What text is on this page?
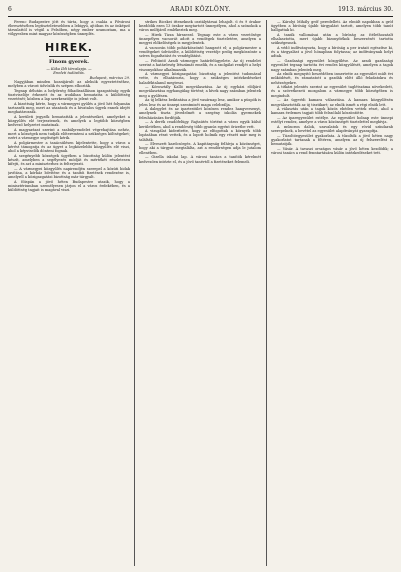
6	ARADI KÖZLÖNY.	1913. március 30.

Ferenc Budapestre jött és tárta, hogy a csaláa a Fővárosi ébresztésében legtiszteletesebben a lebigyű, ajtóban és az önképző társulattól is végül a Felsőben, négy ember uramoztam, ma a völgyesben mint magyar közösségben ünneplés.

HIREK.
Finom gyerek.
— Küka Ildi tárcalapja. —
Eredeti tudósítás.
Budapest, március 29.

Nagyjában minden hozzájárult az alelnök egyeztetéséhez, melyben a várost üdvözlik és szépen elhozták.

Tegnap délután a helyőrség főhadiszálláson igazgatóság egyik tisztviselője érkezett és az irodában bemutatta a küldöttség vezetését; közben a lap szerkesztője is jelent volt.

A bizottság kérte, hogy a vármegyei gyűlés a jövő hét folyamán tartassék meg, mert az utazások és a hivatalos ügyek ennek idejét meghatározzák.

A kerületi jegyzők bemutatták a jelentéseiket, amelyeket a közgyűlés elé terjesztenek, és amelyek a legtöbb községben kedvező helyzetet mutatnak.

A magyarázat szerint a szabályrendelet végrehajtása nehéz, mert a községek nem tudják előteremteni a szükséges költségeket; ezért a vármegye segítségét kérik.

A polgármester a tanácsülésen kijelentette, hogy a város a kérést támogatja és az ügyet a legközelebbi közgyűlés elé viszi, ahol a képviselők dönteni fognak.

A szegényebb községek ügyében a bizottság külön jelentést készít, amelyben a segélyezés módját és mértékét részletesen kifejti, és azt a miniszterhez is felterjeszti.

— A vármegyei közgyűlés napirendjén szerepel a közúti hidak javítása, a kórház bővítése és a tanítói fizetések rendezése is, amelyről a közigazgatási bizottság már tárgyalt.

A főispán a jövő héten Budapestre utazik, hogy a minisztériumban személyesen járjon el a város érdekében, és a küldöttség tagjait is magával viszi.

strikes Bicskei itteneknek osztálytársai lehajolt. 6 és 9 órakor kezdődik ezen 13 órakor megtartott ünnepélyen, ahol a szónokok a város múltjáról emlékeztek meg.

— Hirek Tizza hírszerző. Tegnap este a város vezetősége ünnepélyes vacsorát adott a vendégek tiszteletére, amelyen a megyei előkelőségek is megjelentek.

A vacsorán több pohárköszöntő hangzott el; a polgármester a vendégeket üdvözölte, a küldöttség vezetője pedig megköszönte a szíves fogadtatást és vendéglátást.

— Feltüntő Aradi vármegye határfelügyelete. Az új rendelet szerint a határőrség létszámát emelik, és a szolgálat rendjét a helyi viszonyokhoz alkalmazzák.

A vármegyei közigazgatási bizottság a jelentést tudomásul vette, és elhatározta, hogy a szükséges intézkedéseket haladéktalanul megteszi.

— Kórosztály Kalló megválasztása. Az új egyházi elöljáró megválasztása egyhangúlag történt; a hívek nagy számban jelentek meg a gyűlésen.

Az új lelkész beiktatása a jövő vasárnap lesz, amikor a püspök is jelen lesz és az ünnepi szentmisét maga celebrálja.

A dalegylet és az ipartestület közösen rendez hangversenyt, amelynek tiszta jövedelmét a szegény iskolás gyermekek felruházására fordítják.

— A derék ceadófelügy. Rajtaütés történt a város egyik külső kerületében, ahol a rendőrség több gyanús egyént őrizetbe vett.

A vizsgálat kiderítette, hogy az elfogottak a környék több lopásában részt vettek, és a lopott holmik egy részét már meg is találták.

— Elveszett kardcsörgés. A kapitányság felhívja a közönséget, hogy aki a tárgyat megtalálta, azt a rendőrségen adja le jutalom ellenében.

— Gizella iskolai lap. A városi tanács a tanítók kérelmét kedvezően intézte el, és a jövő tanévtől a fizetéseket felemeli.

— Károlyi Mihály gróf peredelleti. Az elmúlt napokban a gróf ügyében a bíróság újabb tárgyalást tartott, amelyen több tanút hallgattak ki.

A tanúk vallomásai után a bíróság az ítélethozatalt elhalasztotta, mert újabb bizonyítékok beszerzését tartotta szükségesnek.

A védő indítványozta, hogy a bíróság a per iratait egészítse ki, és a tárgyalást a jövő hónapban folytassa; az indítványnak helyt adtak.

— Gazdasági egyesület közgyűlése. Az aradi gazdasági egyesület tegnap tartotta évi rendes közgyűlését, amelyen a tagok nagy számban jelentek meg.

Az elnök megnyitó beszédében ismertette az egyesület múlt évi működését, és rámutatott a gazdák előtt álló feladatokra és nehézségekre.

A titkári jelentés szerint az egyesület taglétszáma növekedett, és a szövetkezeti mozgalom a vármegye több községében is megindult.

— Az ügyvédi kamara választása. A kamara közgyűlésén megválasztották az új tisztikart; az elnök ismét a régi elnök lett.

A választás után a tagok közös ebéden vettek részt, ahol a kamara érdemes tagjait több felszólaló köszöntötte.

— Az iparegyesület estélye. Az egyesület holnap este ünnepi estélyt rendez, amelyre a város közönségét tisztelettel meghívja.

A műsoron dalok, szavalatok és egy rövid színdarab szerepelnek, a bevétel az egyesület alapítványát gyarapítja.

— Tüzoltóegyesület gyakorlata. A tűzoltók a jövő héten nagy gyakorlatot tartanak a főtéren, amelyen az új felszerelést is bemutatják.

— Vásár. A tavaszi országos vásár a jövő héten kezdődik; a városi tanács a rend fenntartására külön intézkedéseket tett.
